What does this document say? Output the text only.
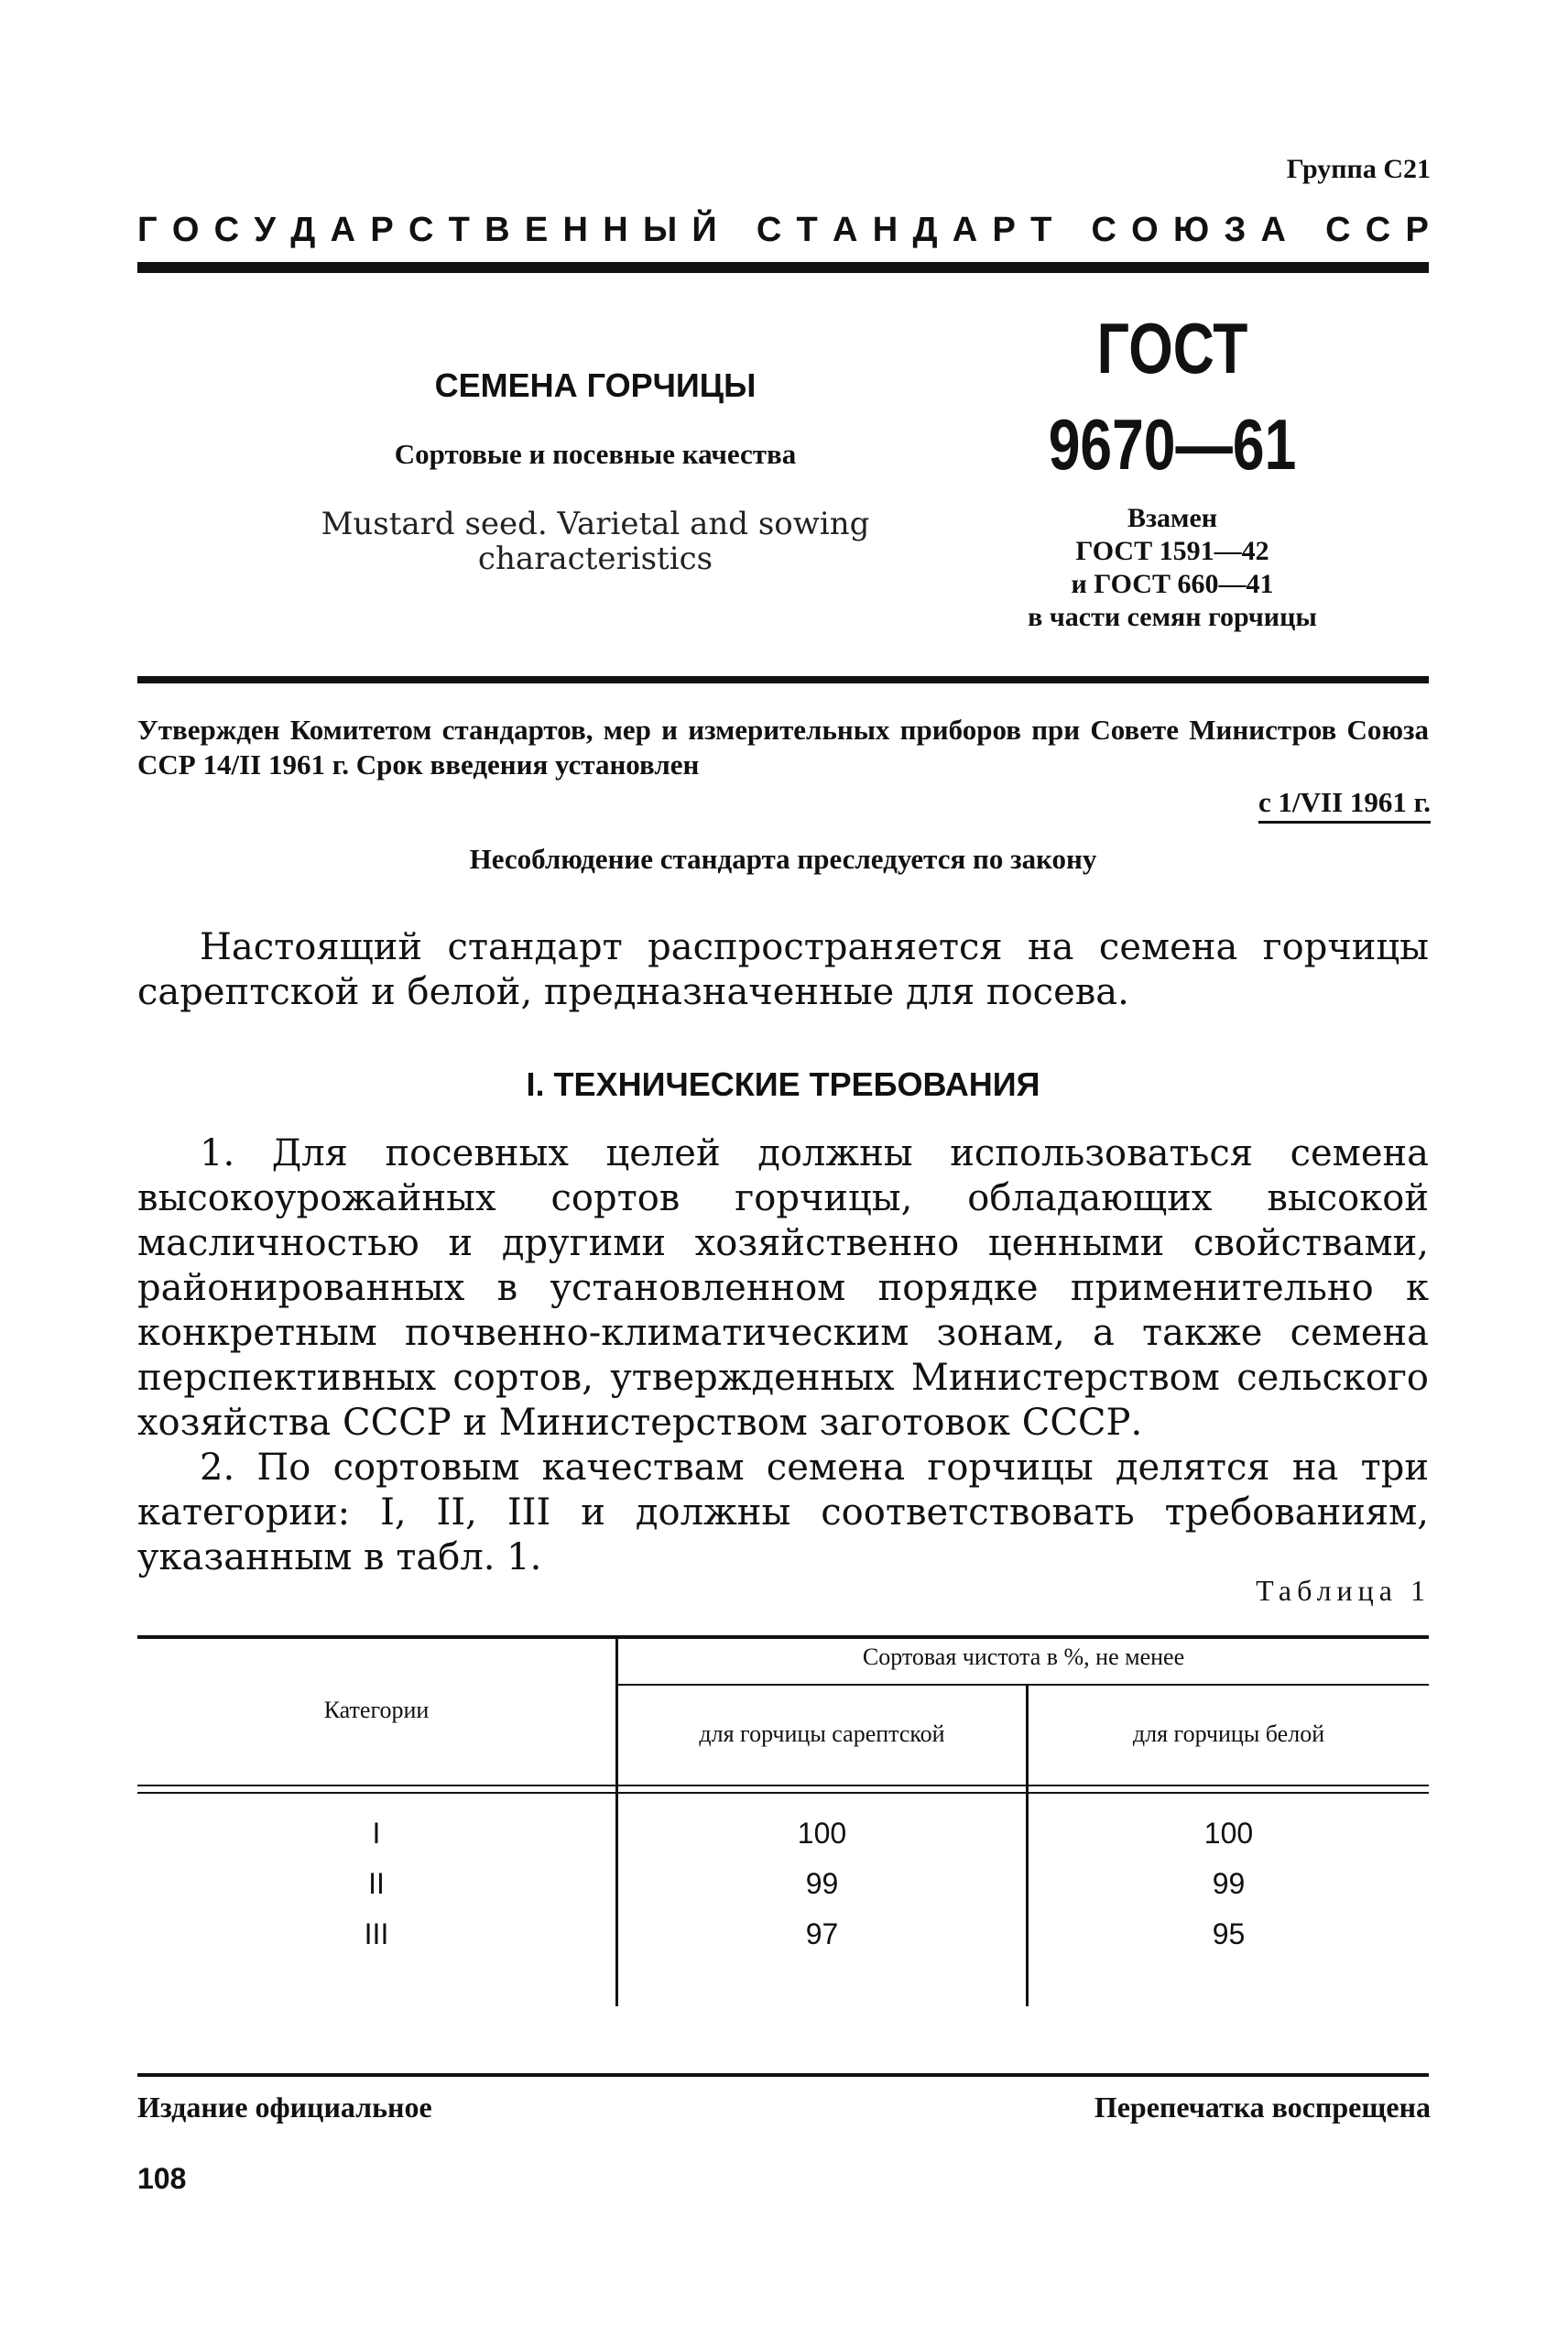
Группа С21
Г О С У Д А Р С Т В Е Н Н Ы Й
С Т А Н Д А Р Т
С О Ю З А
С С Р
СЕМЕНА ГОРЧИЦЫ
Сортовые и посевные качества
Mustard seed. Varietal and sowing
characteristics
ГОСТ
9670—61
Взамен
ГОСТ 1591—42
и ГОСТ 660—41
в части семян горчицы
Утвержден Комитетом стандартов, мер и измерительных приборов при Совете Министров Союза ССР 14/II 1961 г. Срок введения установлен
с 1/VII 1961 г.
Несоблюдение стандарта преследуется по закону

Настоящий стандарт распространяется на семена горчицы сарептской и белой, предназначенные для посева.

I. ТЕХНИЧЕСКИЕ ТРЕБОВАНИЯ

1. Для посевных целей должны использоваться семена высокоурожайных сортов горчицы, обладающих высокой масличностью и другими хозяйственно ценными свойствами, районированных в установленном порядке применительно к конкретным почвенно-климатическим зонам, а также семена перспективных сортов, утвержденных Министерством сельского хозяйства СССР и Министерством заготовок СССР.

2. По сортовым качествам семена горчицы делятся на три категории: I, II, III и должны соответствовать требованиям, указанным в табл. 1.

Таблица 1
Категории
Сортовая чистота в %, не менее
для горчицы сарептской	для горчицы белой
I	100	100
II	99	99
III	97	95
Издание официальное	Перепечатка воспрещена
108
